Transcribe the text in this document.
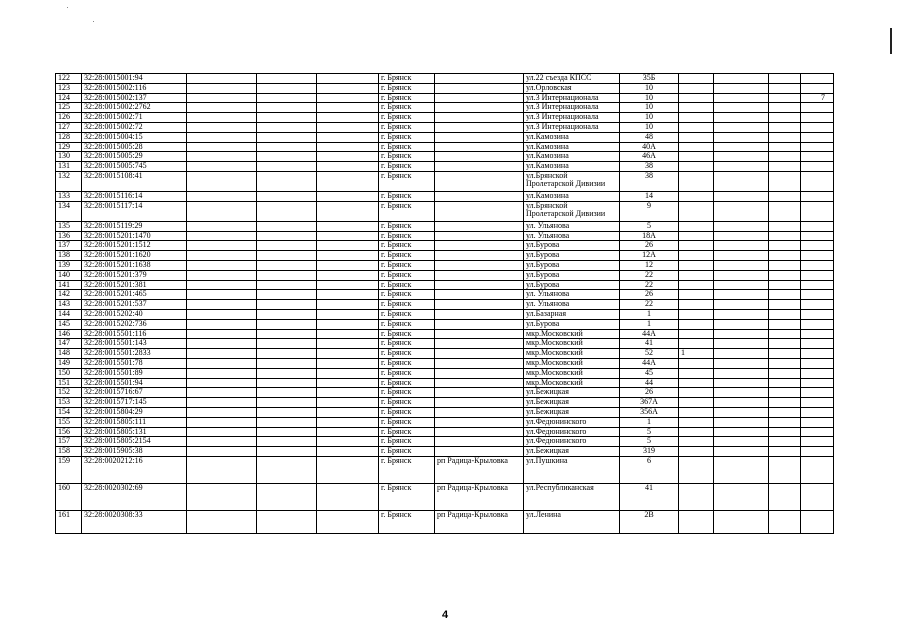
122	32:28:0015001:94				г. Брянск		ул.22 съезда КПСС	35Б				
123	32:28:0015002:116				г. Брянск		ул.Орловская	10				
124	32:28:0015002:137				г. Брянск		ул.3 Интернационала	10				7
125	32:28:0015002:2762				г. Брянск		ул.3 Интернационала	10				
126	32:28:0015002:71				г. Брянск		ул.3 Интернационала	10				
127	32:28:0015002:72				г. Брянск		ул.3 Интернационала	10				
128	32:28:0015004:15				г. Брянск		ул.Камозина	48				
129	32:28:0015005:28				г. Брянск		ул.Камозина	40А				
130	32:28:0015005:29				г. Брянск		ул.Камозина	46А				
131	32:28:0015005:745				г. Брянск		ул.Камозина	38				
132	32:28:0015108:41				г. Брянск		ул.Брянской Пролетарской Дивизии	38				
133	32:28:0015116:14				г. Брянск		ул.Камозина	14				
134	32:28:0015117:14				г. Брянск		ул.Брянской Пролетарской Дивизии	9				
135	32:28:0015119:29				г. Брянск		ул. Ульянова	5				
136	32:28:0015201:1470				г. Брянск		ул. Ульянова	18А				
137	32:28:0015201:1512				г. Брянск		ул.Бурова	26				
138	32:28:0015201:1620				г. Брянск		ул.Бурова	12А				
139	32:28:0015201:1638				г. Брянск		ул.Бурова	12				
140	32:28:0015201:379				г. Брянск		ул.Бурова	22				
141	32:28:0015201:381				г. Брянск		ул.Бурова	22				
142	32:28:0015201:465				г. Брянск		ул. Ульянова	26				
143	32:28:0015201:537				г. Брянск		ул. Ульянова	22				
144	32:28:0015202:40				г. Брянск		ул.Базарная	1				
145	32:28:0015202:736				г. Брянск		ул.Бурова	1				
146	32:28:0015501:116				г. Брянск		мкр.Московский	44А				
147	32:28:0015501:143				г. Брянск		мкр.Московский	41				
148	32:28:0015501:2833				г. Брянск		мкр.Московский	52	1			
149	32:28:0015501:78				г. Брянск		мкр.Московский	44А				
150	32:28:0015501:89				г. Брянск		мкр.Московский	45				
151	32:28:0015501:94				г. Брянск		мкр.Московский	44				
152	32:28:0015716:67				г. Брянск		ул.Бежицкая	26				
153	32:28:0015717:145				г. Брянск		ул.Бежицкая	367А				
154	32:28:0015804:29				г. Брянск		ул.Бежицкая	356А				
155	32:28:0015805:111				г. Брянск		ул.Федюнинского	1				
156	32:28:0015805:131				г. Брянск		ул.Федюнинского	5				
157	32:28:0015805:2154				г. Брянск		ул.Федюнинского	5				
158	32:28:0015905:38				г. Брянск		ул.Бежицкая	319				
159	32:28:0020212:16				г. Брянск	рп Радица-Крыловка	ул.Пушкина	6				
160	32:28:0020302:69				г. Брянск	рп Радица-Крыловка	ул.Республиканская	41				
161	32:28:0020308:33				г. Брянск	рп Радица-Крыловка	ул.Ленина	2В				
4
